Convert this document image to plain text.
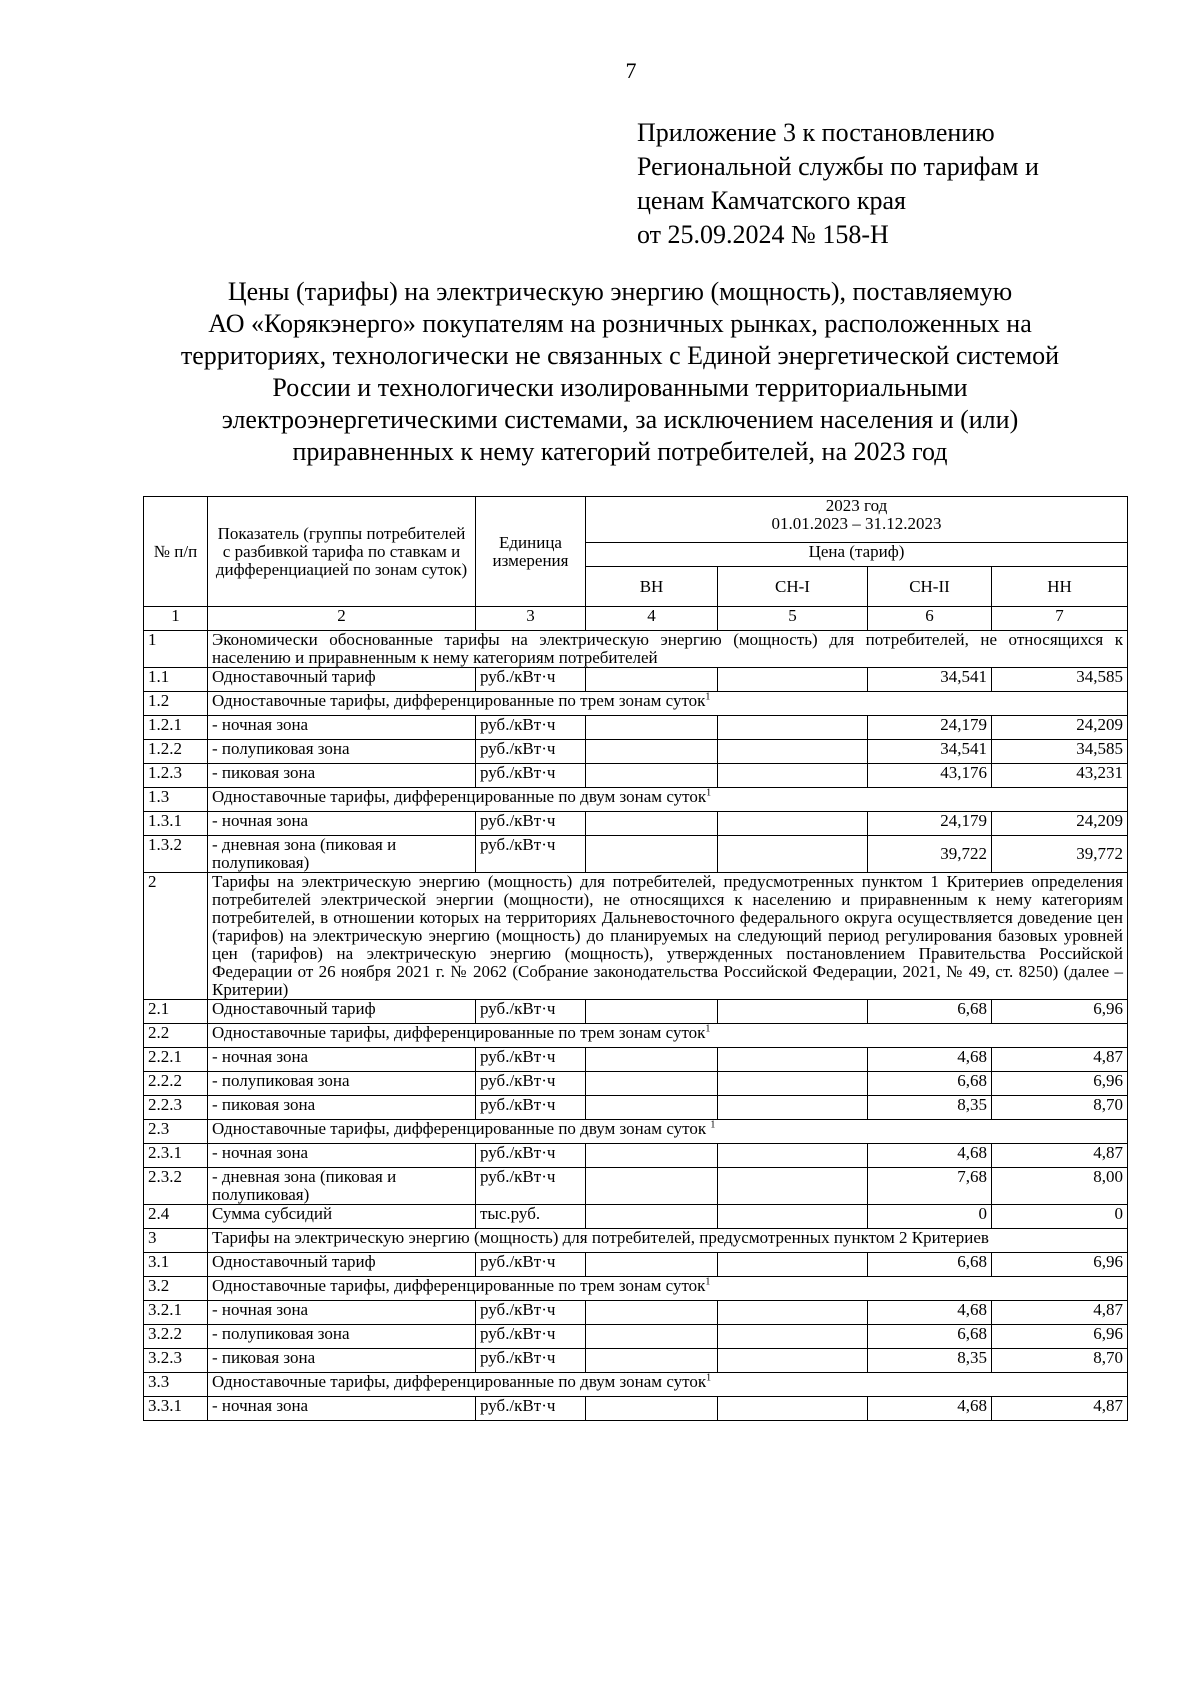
7
Приложение 3 к постановлению
Региональной службы по тарифам и
ценам Камчатского края
от 25.09.2024 № 158-Н
Цены (тарифы) на электрическую энергию (мощность), поставляемую
АО «Корякэнерго» покупателям на розничных рынках, расположенных на
территориях, технологически не связанных с Единой энергетической системой
России и технологически изолированными территориальными
электроэнергетическими системами, за исключением населения и (или)
приравненных к нему категорий потребителей, на 2023 год
№ п/п	Показатель (группы потребителей с разбивкой тарифа по ставкам и дифференциацией по зонам суток)	Единица измерения	2023 год
01.01.2023 – 31.12.2023			

			Цена (тариф)			
			ВН	СН-I	СН-II	НН
1	2	3	4	5	6	7
1	Экономически обоснованные тарифы на электрическую энергию (мощность) для потребителей, не относящихся к населению и приравненным к нему категориям потребителей					
1.1	Одноставочный тариф	руб./кВт·ч			34,541	34,585
1.2	Одноставочные тарифы, дифференцированные по трем зонам суток$^1$
1.2.1	- ночная зона	руб./кВт·ч			24,179	24,209
1.2.2	- полупиковая зона	руб./кВт·ч			34,541	34,585
1.2.3	- пиковая зона	руб./кВт·ч			43,176	43,231
1.3	Одноставочные тарифы, дифференцированные по двум зонам суток$^1$
1.3.1	- ночная зона	руб./кВт·ч			24,179	24,209
1.3.2	- дневная зона (пиковая и полупиковая)	руб./кВт·ч			39,722	39,772
2	Тарифы на электрическую энергию (мощность) для потребителей, предусмотренных пунктом 1 Критериев определения потребителей электрической энергии (мощности), не относящихся к населению и приравненным к нему категориям потребителей, в отношении которых на территориях Дальневосточного федерального округа осуществляется доведение цен (тарифов) на электрическую энергию (мощность) до планируемых на следующий период регулирования базовых уровней цен (тарифов) на электрическую энергию (мощность), утвержденных постановлением Правительства Российской Федерации от 26 ноября 2021 г. № 2062 (Собрание законодательства Российской Федерации, 2021, № 49, ст. 8250) (далее – Критерии)					
2.1	Одноставочный тариф	руб./кВт·ч			6,68	6,96
2.2	Одноставочные тарифы, дифференцированные по трем зонам суток$^1$
2.2.1	- ночная зона	руб./кВт·ч			4,68	4,87
2.2.2	- полупиковая зона	руб./кВт·ч			6,68	6,96
2.2.3	- пиковая зона	руб./кВт·ч			8,35	8,70
2.3	Одноставочные тарифы, дифференцированные по двум зонам суток $^1$
2.3.1	- ночная зона	руб./кВт·ч			4,68	4,87
2.3.2	- дневная зона (пиковая и полупиковая)	руб./кВт·ч			7,68	8,00
2.4	Сумма субсидий	тыс.руб.			0	0
3	Тарифы на электрическую энергию (мощность) для потребителей, предусмотренных пунктом 2 Критериев					
3.1	Одноставочный тариф	руб./кВт·ч			6,68	6,96
3.2	Одноставочные тарифы, дифференцированные по трем зонам суток$^1$
3.2.1	- ночная зона	руб./кВт·ч			4,68	4,87
3.2.2	- полупиковая зона	руб./кВт·ч			6,68	6,96
3.2.3	- пиковая зона	руб./кВт·ч			8,35	8,70
3.3	Одноставочные тарифы, дифференцированные по двум зонам суток$^1$
3.3.1	- ночная зона	руб./кВт·ч			4,68	4,87
